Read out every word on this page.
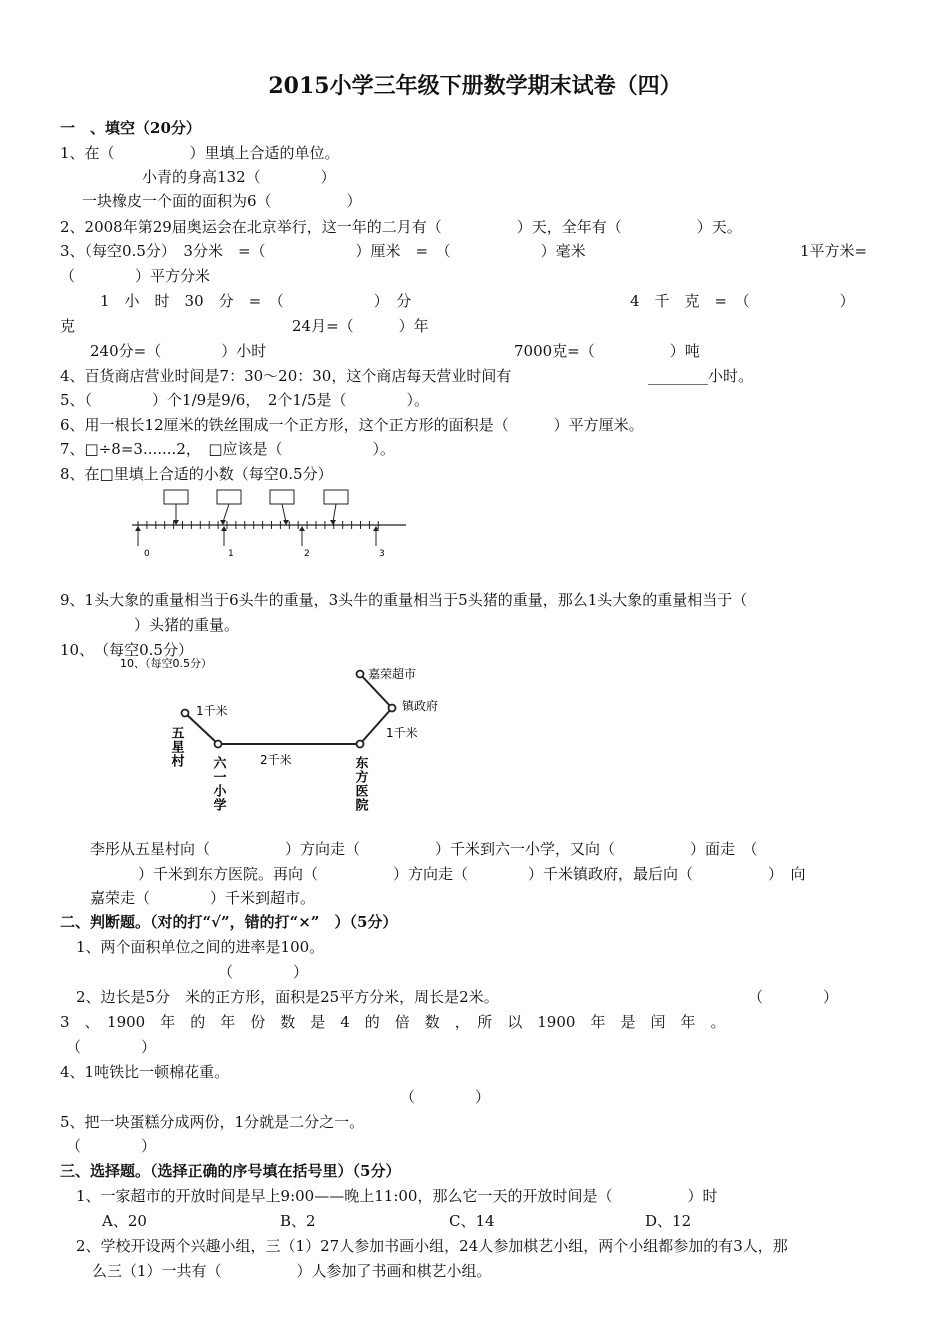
2015小学三年级下册数学期末试卷（四）
一　、填空（20分）
1、在（　　　　　）里填上合适的单位。
小青的身高132（　　　　）
一块橡皮一个面的面积为6（　　　　　）
2、2008年第29届奥运会在北京举行，这一年的二月有（　　　　　）天，全年有（　　　　　）天。
3、（每空0.5分）　3分米　=（　　　　　　）厘米　=　（　　　　　　）毫米	1平方米=
（　　　　）平方分米
1　小　时　30　分　=　（　　　　　　）　分	4　千　克　=　（　　　　　　）
克	24月=（　　　）年
240分=（　　　　）小时	7000克=（　　　　　）吨
4、百货商店营业时间是7：30～20：30，这个商店每天营业时间有	________小时。
5、（　　　　）个1/9是9/6，　2个1/5是（　　　　）。
6、用一根长12厘米的铁丝围成一个正方形，这个正方形的面积是（　　　）平方厘米。
7、□÷8=3.......2，　□应该是（　　　　　　）。
8、在□里填上合适的小数（每空0.5分）
0	1	2	3
9、1头大象的重量相当于6头牛的重量，3头牛的重量相当于5头猪的重量，那么1头大象的重量相当于（
）头猪的重量。
10、　（每空0.5分）
10、（每空0.5分）
1千米
2千米
1千米
嘉荣超市
镇政府
五星村
六一小学	东方医院
李彤从五星村向（　　　　　）方向走（　　　　　）千米到六一小学，又向（　　　　　）面走　（
）千米到东方医院。再向（　　　　　）方向走（　　　　）千米镇政府，最后向（　　　　　）　向
嘉荣走（　　　　）千米到超市。
二、判断题。（对的打“√”，错的打“×”　）（5分）
1、两个面积单位之间的进率是100。
（　　　　）
2、边长是5分　米的正方形，面积是25平方分米，周长是2米。	（　　　　）
3　、　1900　年　的　年　份　数　是　4　的　倍　数　，　所　以　1900　年　是　闰　年　。
（　　　　）
4、1吨铁比一顿棉花重。
（　　　　）
5、把一块蛋糕分成两份，1分就是二分之一。
（　　　　）
三、选择题。（选择正确的序号填在括号里）（5分）
1、一家超市的开放时间是早上9:00——晚上11:00，那么它一天的开放时间是（　　　　　）时
A、20	B、2	C、14	D、12
2、学校开设两个兴趣小组，三（1）27人参加书画小组，24人参加棋艺小组，两个小组都参加的有3人，那
么三（1）一共有（　　　　　）人参加了书画和棋艺小组。
